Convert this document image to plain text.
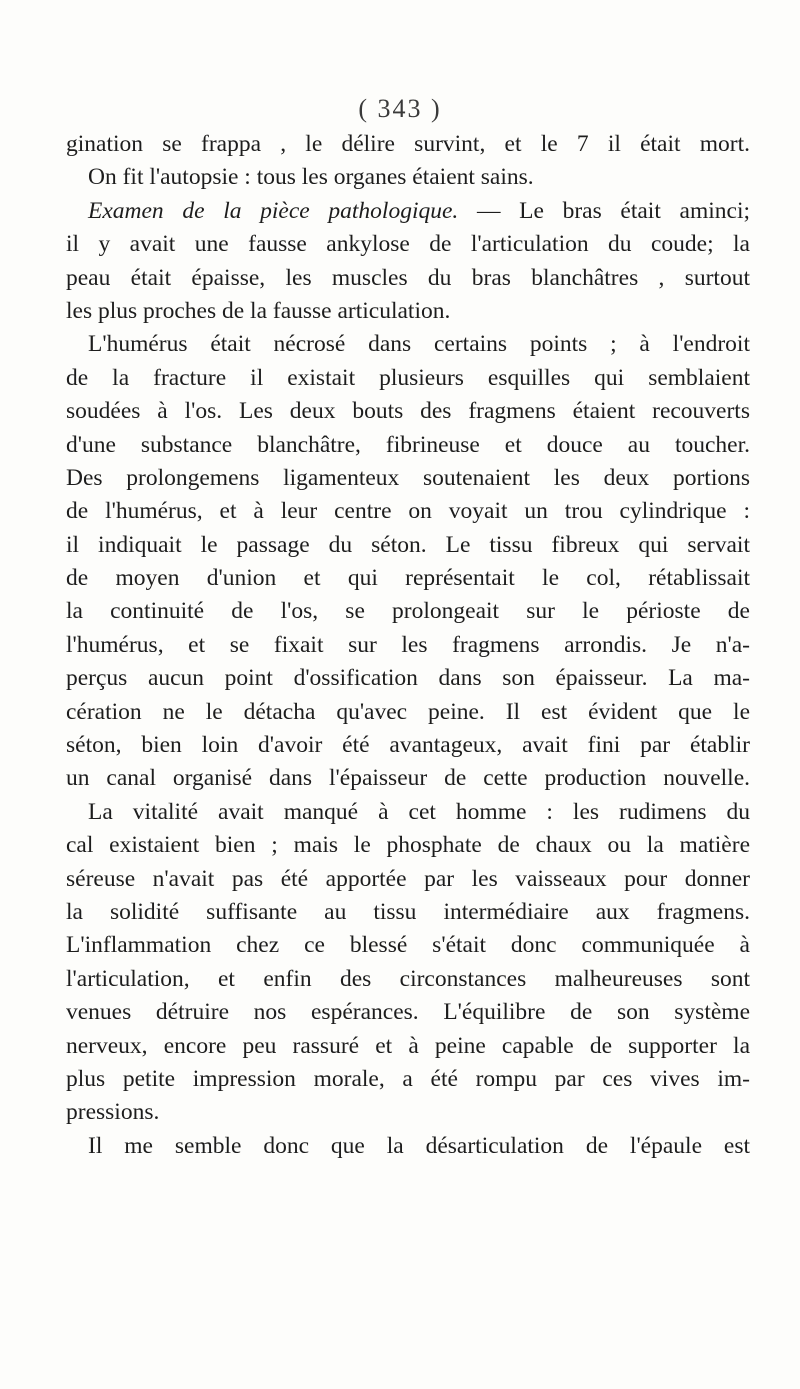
( 343 )
gination se frappa , le délire survint, et le 7 il était mort.
On fit l'autopsie : tous les organes étaient sains.
Examen de la pièce pathologique. — Le bras était aminci;
il y avait une fausse ankylose de l'articulation du coude; la
peau était épaisse, les muscles du bras blanchâtres , surtout
les plus proches de la fausse articulation.
L'humérus était nécrosé dans certains points ; à l'endroit
de la fracture il existait plusieurs esquilles qui semblaient
soudées à l'os. Les deux bouts des fragmens étaient recouverts
d'une substance blanchâtre, fibrineuse et douce au toucher.
Des prolongemens ligamenteux soutenaient les deux portions
de l'humérus, et à leur centre on voyait un trou cylindrique :
il indiquait le passage du séton. Le tissu fibreux qui servait
de moyen d'union et qui représentait le col, rétablissait
la continuité de l'os, se prolongeait sur le périoste de
l'humérus, et se fixait sur les fragmens arrondis. Je n'a-
perçus aucun point d'ossification dans son épaisseur. La ma-
cération ne le détacha qu'avec peine. Il est évident que le
séton, bien loin d'avoir été avantageux, avait fini par établir
un canal organisé dans l'épaisseur de cette production nouvelle.
La vitalité avait manqué à cet homme : les rudimens du
cal existaient bien ; mais le phosphate de chaux ou la matière
séreuse n'avait pas été apportée par les vaisseaux pour donner
la solidité suffisante au tissu intermédiaire aux fragmens.
L'inflammation chez ce blessé s'était donc communiquée à
l'articulation, et enfin des circonstances malheureuses sont
venues détruire nos espérances. L'équilibre de son système
nerveux, encore peu rassuré et à peine capable de supporter la
plus petite impression morale, a été rompu par ces vives im-
pressions.
Il me semble donc que la désarticulation de l'épaule est
